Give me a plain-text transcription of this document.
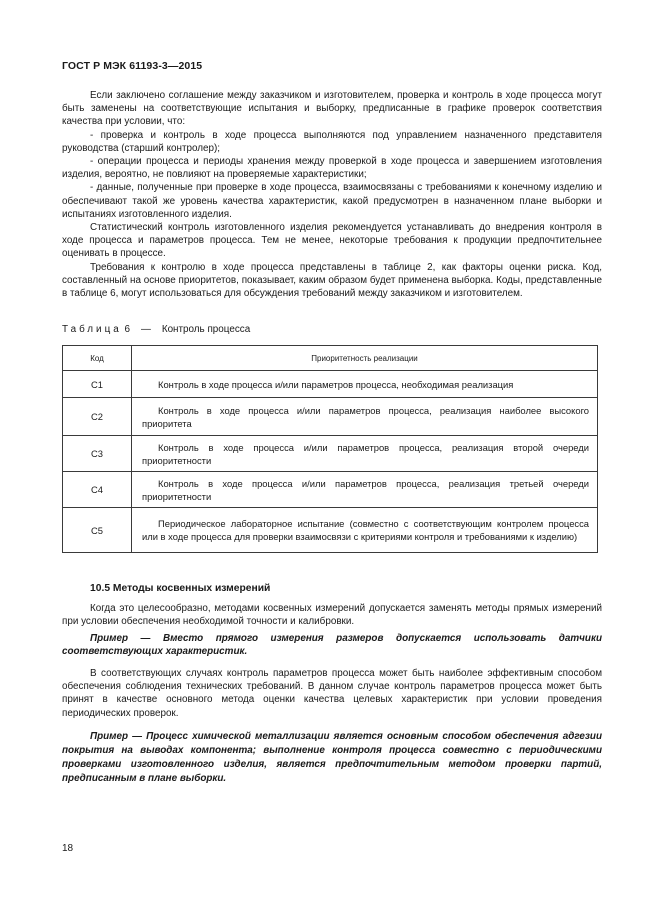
ГОСТ Р МЭК 61193-3—2015

Если заключено соглашение между заказчиком и изготовителем, проверка и контроль в ходе процесса могут быть заменены на соответствующие испытания и выборку, предписанные в графике проверок соответствия качества при условии, что:

- проверка и контроль в ходе процесса выполняются под управлением назначенного представителя руководства (старший контролер);

- операции процесса и периоды хранения между проверкой в ходе процесса и завершением изготовления изделия, вероятно, не повлияют на проверяемые характеристики;

- данные, полученные при проверке в ходе процесса, взаимосвязаны с требованиями к конечному изделию и обеспечивают такой же уровень качества характеристик, какой предусмотрен в назначенном плане выборки и испытаниях изготовленного изделия.

Статистический контроль изготовленного изделия рекомендуется устанавливать до внедрения контроля в ходе процесса и параметров процесса. Тем не менее, некоторые требования к продукции предпочтительнее оценивать в процессе.

Требования к контролю в ходе процесса представлены в таблице 2, как факторы оценки риска. Код, составленный на основе приоритетов, показывает, каким образом будет применена выборка. Коды, представленные в таблице 6, могут использоваться для обсуждения требований между заказчиком и изготовителем.

Таблица 6 — Контроль процесса
Код	Приоритетность реализации
C1	Контроль в ходе процесса и/или параметров процесса, необходимая реализация
C2	Контроль в ходе процесса и/или параметров процесса, реализация наиболее высокого приоритета
C3	Контроль в ходе процесса и/или параметров процесса, реализация второй очереди приоритетности
C4	Контроль в ходе процесса и/или параметров процесса, реализация третьей очереди приоритетности
C5	Периодическое лабораторное испытание (совместно с соответствующим контролем процесса или в ходе процесса для проверки взаимосвязи с критериями контроля и требованиями к изделию)
10.5 Методы косвенных измерений

Когда это целесообразно, методами косвенных измерений допускается заменять методы прямых измерений при условии обеспечения необходимой точности и калибровки.

Пример — Вместо прямого измерения размеров допускается использовать датчики соответствующих характеристик.

В соответствующих случаях контроль параметров процесса может быть наиболее эффективным способом обеспечения соблюдения технических требований. В данном случае контроль параметров процесса может быть принят в качестве основного метода оценки качества целевых характеристик при условии проведения периодических проверок.

Пример — Процесс химической металлизации является основным способом обеспечения адгезии покрытия на выводах компонента; выполнение контроля процесса совместно с периодическими проверками изготовленного изделия, является предпочтительным методом проверки партий, предписанным в плане выборки.

18
